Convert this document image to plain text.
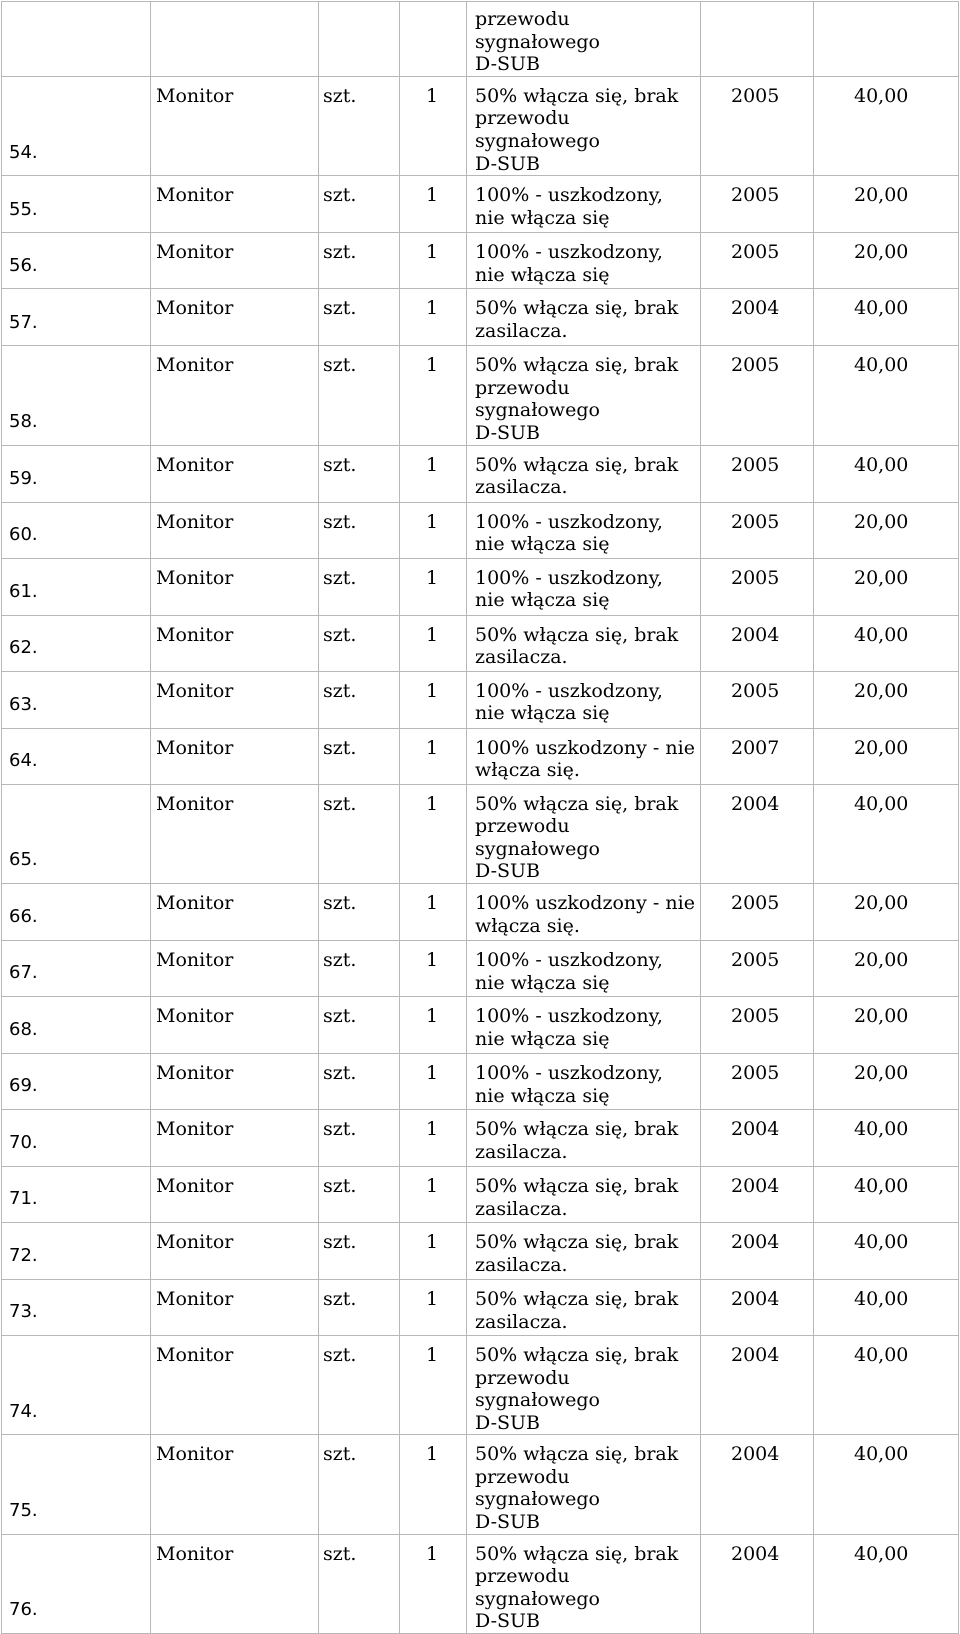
				przewodu sygnałowego
D-SUB		

54.	Monitor	szt.	1	50% włącza się, brak
przewodu sygnałowego
D-SUB	2005	40,00
55.	Monitor	szt.	1	100% - uszkodzony,
nie włącza się	2005	20,00
56.	Monitor	szt.	1	100% - uszkodzony,
nie włącza się	2005	20,00
57.	Monitor	szt.	1	50% włącza się, brak
zasilacza.	2004	40,00
58.	Monitor	szt.	1	50% włącza się, brak
przewodu sygnałowego
D-SUB	2005	40,00
59.	Monitor	szt.	1	50% włącza się, brak
zasilacza.	2005	40,00
60.	Monitor	szt.	1	100% - uszkodzony,
nie włącza się	2005	20,00
61.	Monitor	szt.	1	100% - uszkodzony,
nie włącza się	2005	20,00
62.	Monitor	szt.	1	50% włącza się, brak
zasilacza.	2004	40,00
63.	Monitor	szt.	1	100% - uszkodzony,
nie włącza się	2005	20,00
64.	Monitor	szt.	1	100% uszkodzony - nie
włącza się.	2007	20,00
65.	Monitor	szt.	1	50% włącza się, brak
przewodu sygnałowego
D-SUB	2004	40,00
66.	Monitor	szt.	1	100% uszkodzony - nie
włącza się.	2005	20,00
67.	Monitor	szt.	1	100% - uszkodzony,
nie włącza się	2005	20,00
68.	Monitor	szt.	1	100% - uszkodzony,
nie włącza się	2005	20,00
69.	Monitor	szt.	1	100% - uszkodzony,
nie włącza się	2005	20,00
70.	Monitor	szt.	1	50% włącza się, brak
zasilacza.	2004	40,00
71.	Monitor	szt.	1	50% włącza się, brak
zasilacza.	2004	40,00
72.	Monitor	szt.	1	50% włącza się, brak
zasilacza.	2004	40,00
73.	Monitor	szt.	1	50% włącza się, brak
zasilacza.	2004	40,00
74.	Monitor	szt.	1	50% włącza się, brak
przewodu sygnałowego
D-SUB	2004	40,00
75.	Monitor	szt.	1	50% włącza się, brak
przewodu sygnałowego
D-SUB	2004	40,00
76.	Monitor	szt.	1	50% włącza się, brak
przewodu sygnałowego
D-SUB	2004	40,00
